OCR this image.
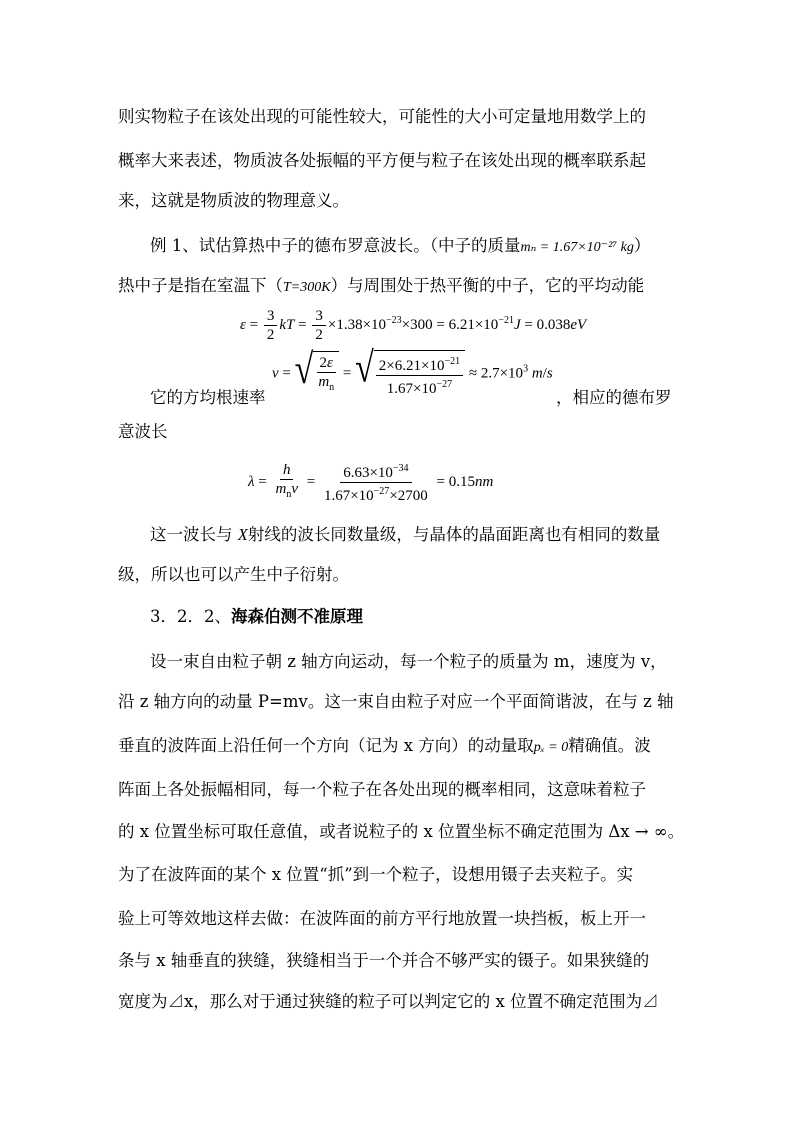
则实物粒子在该处出现的可能性较大，可能性的大小可定量地用数学上的
概率大来表述，物质波各处振幅的平方便与粒子在该处出现的概率联系起
来，这就是物质波的物理意义。
例 1、试估算热中子的德布罗意波长。（中子的质量mₙ = 1.67×10⁻²⁷ kg）
热中子是指在室温下（T=300K）与周围处于热平衡的中子，它的平均动能
$\varepsilon = \frac{3}{2}$ kT = $\frac{3}{2} \times 1.38\times 10^{-23}\times 300 = 6.21\times 10^{-21}J = 0.038eV$
它的方均根速率
v = √ $\frac{2\varepsilon}{m_n}$ = √ $\frac{2\times 6.21\times 10^{-21}}{1.67\times 10^{-27}} \approx 2.7\times 10^3$ m/s
，相应的德布罗
意波长
$\lambda = \frac{h}{m_nv} = \frac{6.63\times 10^{-34}}{1.67\times 10^{-27}\times 2700} = 0.15nm$
这一波长与 X射线的波长同数量级，与晶体的晶面距离也有相同的数量
级，所以也可以产生中子衍射。
3．2．2、海森伯测不准原理
设一束自由粒子朝 z 轴方向运动，每一个粒子的质量为 m，速度为 v，
沿 z 轴方向的动量 P=mv。这一束自由粒子对应一个平面简谐波，在与 z 轴
垂直的波阵面上沿任何一个方向（记为 x 方向）的动量取pₓ = 0精确值。波
阵面上各处振幅相同，每一个粒子在各处出现的概率相同，这意味着粒子
的 x 位置坐标可取任意值，或者说粒子的 x 位置坐标不确定范围为 Δx → ∞。
为了在波阵面的某个 x 位置“抓”到一个粒子，设想用镊子去夹粒子。实
验上可等效地这样去做：在波阵面的前方平行地放置一块挡板，板上开一
条与 x 轴垂直的狭缝，狭缝相当于一个并合不够严实的镊子。如果狭缝的
宽度为⊿x，那么对于通过狭缝的粒子可以判定它的 x 位置不确定范围为⊿
